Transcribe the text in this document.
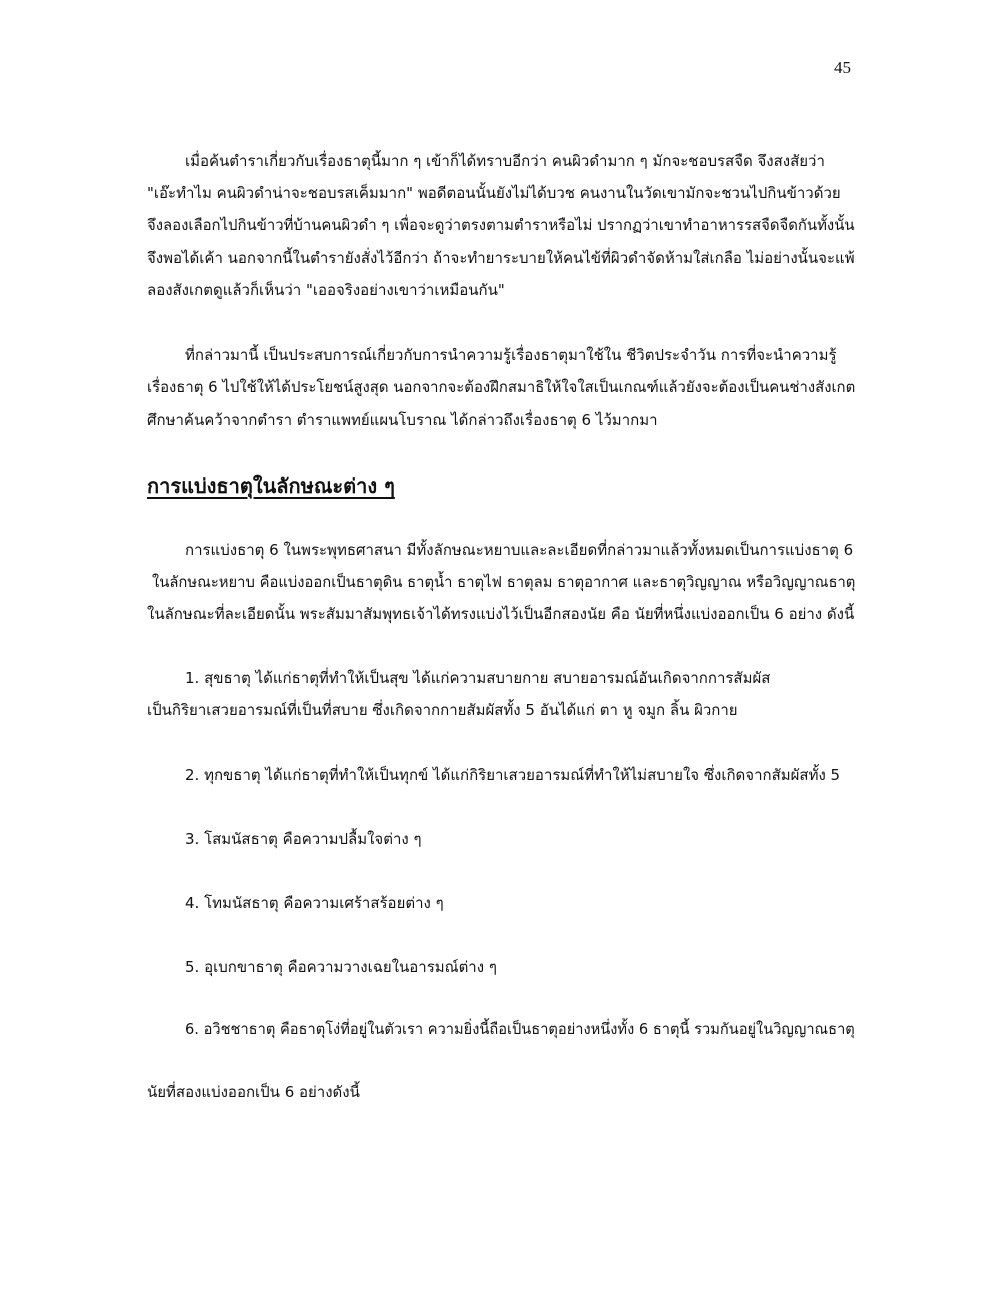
45
เมื่อค้นตำราเกี่ยวกับเรื่องธาตุนี้มาก ๆ เข้าก็ได้ทราบอีกว่า คนผิวดำมาก ๆ มักจะชอบรสจืด จึงสงสัยว่า
"เอ๊ะทำไม คนผิวดำน่าจะชอบรสเค็มมาก" พอดีตอนนั้นยังไม่ได้บวช คนงานในวัดเขามักจะชวนไปกินข้าวด้วย
จึงลองเลือกไปกินข้าวที่บ้านคนผิวดำ ๆ เพื่อจะดูว่าตรงตามตำราหรือไม่ ปรากฏว่าเขาทำอาหารรสจืดจืดกันทั้งนั้น
จึงพอได้เค้า นอกจากนี้ในตำรายังสั่งไว้อีกว่า ถ้าจะทำยาระบายให้คนไข้ที่ผิวดำจัดห้ามใส่เกลือ ไม่อย่างนั้นจะแพ้
ลองสังเกตดูแล้วก็เห็นว่า "เออจริงอย่างเขาว่าเหมือนกัน"
ที่กล่าวมานี้ เป็นประสบการณ์เกี่ยวกับการนำความรู้เรื่องธาตุมาใช้ใน ชีวิตประจำวัน การที่จะนำความรู้
เรื่องธาตุ 6 ไปใช้ให้ได้ประโยชน์สูงสุด นอกจากจะต้องฝึกสมาธิให้ใจใสเป็นเกณฑ์แล้วยังจะต้องเป็นคนช่างสังเกต
ศึกษาค้นคว้าจากตำรา ตำราแพทย์แผนโบราณ ได้กล่าวถึงเรื่องธาตุ 6 ไว้มากมา
การแบ่งธาตุในลักษณะต่าง ๆ
การแบ่งธาตุ 6 ในพระพุทธศาสนา มีทั้งลักษณะหยาบและละเอียดที่กล่าวมาแล้วทั้งหมดเป็นการแบ่งธาตุ 6
ในลักษณะหยาบ คือแบ่งออกเป็นธาตุดิน ธาตุน้ำ ธาตุไฟ ธาตุลม ธาตุอากาศ และธาตุวิญญาณ หรือวิญญาณธาตุ
ในลักษณะที่ละเอียดนั้น พระสัมมาสัมพุทธเจ้าได้ทรงแบ่งไว้เป็นอีกสองนัย คือ นัยที่หนึ่งแบ่งออกเป็น 6 อย่าง ดังนี้
1. สุขธาตุ ได้แก่ธาตุที่ทำให้เป็นสุข ได้แก่ความสบายกาย สบายอารมณ์อันเกิดจากการสัมผัส
เป็นกิริยาเสวยอารมณ์ที่เป็นที่สบาย ซึ่งเกิดจากกายสัมผัสทั้ง 5 อันได้แก่ ตา หู จมูก ลิ้น ผิวกาย
2. ทุกขธาตุ ได้แก่ธาตุที่ทำให้เป็นทุกข์ ได้แก่กิริยาเสวยอารมณ์ที่ทำให้ไม่สบายใจ ซึ่งเกิดจากสัมผัสทั้ง 5
3. โสมนัสธาตุ คือความปลื้มใจต่าง ๆ
4. โทมนัสธาตุ คือความเศร้าสร้อยต่าง ๆ
5. อุเบกขาธาตุ คือความวางเฉยในอารมณ์ต่าง ๆ
6. อวิชชาธาตุ คือธาตุโง่ที่อยู่ในตัวเรา ความยิ่งนี้ถือเป็นธาตุอย่างหนึ่งทั้ง 6 ธาตุนี้ รวมกันอยู่ในวิญญาณธาตุ
นัยที่สองแบ่งออกเป็น 6 อย่างดังนี้
